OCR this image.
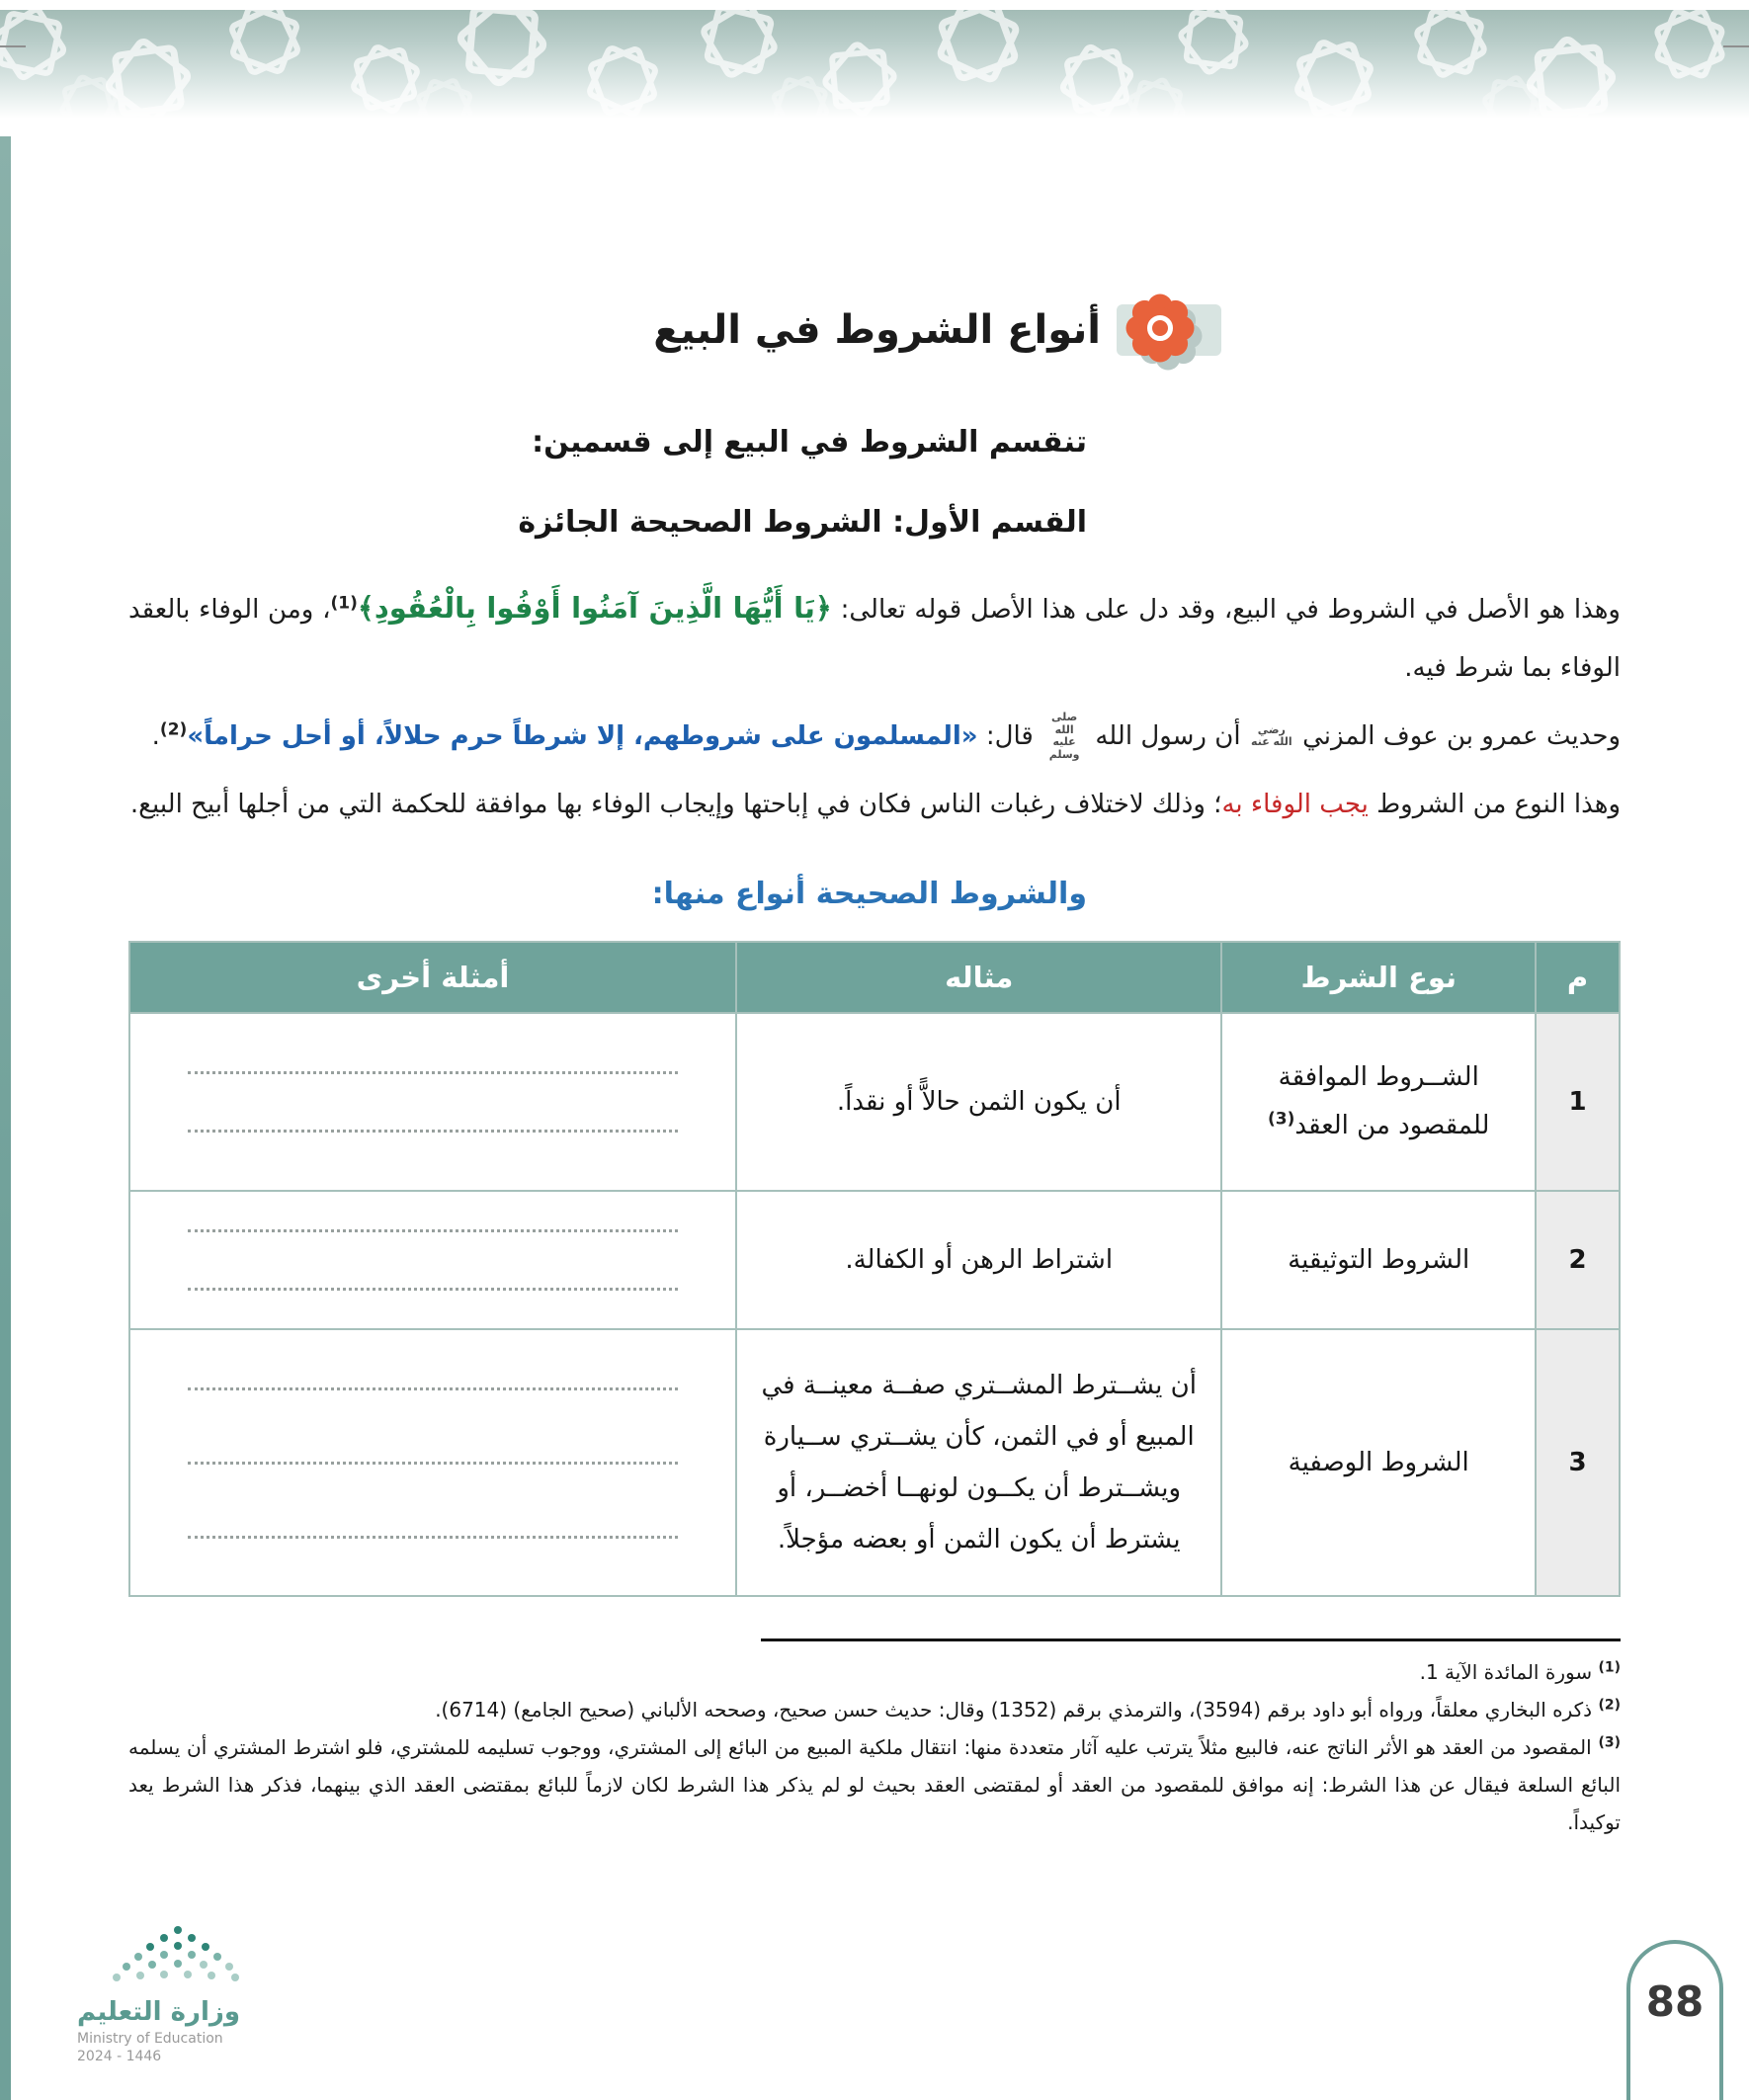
أنواع الشروط في البيع
تنقسم الشروط في البيع إلى قسمين:
القسم الأول: الشروط الصحيحة الجائزة

وهذا هو الأصل في الشروط في البيع، وقد دل على هذا الأصل قوله تعالى: ﴿يَا أَيُّهَا الَّذِينَ آمَنُوا أَوْفُوا بِالْعُقُودِ﴾$^{(1)}$، ومن الوفاء بالعقد الوفاء بما شرط فيه.

وحديث عمرو بن عوف المزني رضي الله عنه أن رسول الله صلى الله عليه وسلم قال: «المسلمون على شروطهم، إلا شرطاً حرم حلالاً، أو أحل حراماً»$^{(2)}$.

وهذا النوع من الشروط يجب الوفاء به؛ وذلك لاختلاف رغبات الناس فكان في إباحتها وإيجاب الوفاء بها موافقة للحكمة التي من أجلها أبيح البيع.

والشروط الصحيحة أنواع منها:
م	نوع الشرط	مثاله	أمثلة أخرى
1	الشــروط الموافقة للمقصود من العقد$^{(3)}$	أن يكون الثمن حالاًّ أو نقداً.	

2	الشروط التوثيقية	اشتراط الرهن أو الكفالة.	

3	الشروط الوصفية	أن يشــترط المشــتري صفــة معينــة في المبيع أو في الثمن، كأن يشــتري ســيارة ويشــترط أن يكــون لونهــا أخضــر، أو يشترط أن يكون الثمن أو بعضه مؤجلاً.	
$^{(1)}$ سورة المائدة الآية 1.
$^{(2)}$ ذكره البخاري معلقاً، ورواه أبو داود برقم (3594)، والترمذي برقم (1352) وقال: حديث حسن صحيح، وصححه الألباني (صحيح الجامع) (6714).
$^{(3)}$ المقصود من العقد هو الأثر الناتج عنه، فالبيع مثلاً يترتب عليه آثار متعددة منها: انتقال ملكية المبيع من البائع إلى المشتري، ووجوب تسليمه للمشتري، فلو اشترط المشتري أن يسلمه البائع السلعة فيقال عن هذا الشرط: إنه موافق للمقصود من العقد أو لمقتضى العقد بحيث لو لم يذكر هذا الشرط لكان لازماً للبائع بمقتضى العقد الذي بينهما، فذكر هذا الشرط يعد توكيداً.
وزارة التعليم
Ministry of Education
2024 - 1446
88
